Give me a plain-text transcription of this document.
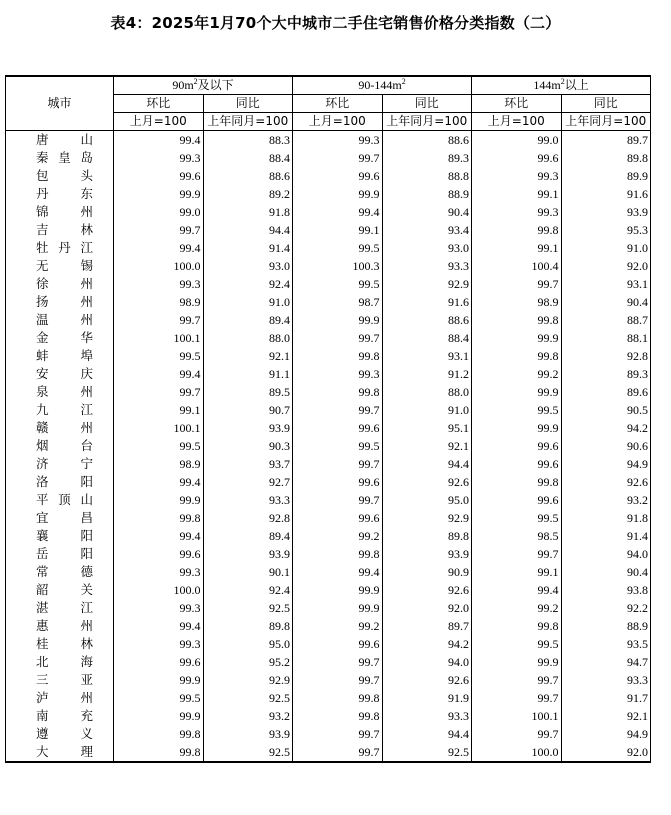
表4：2025年1月70个大中城市二手住宅销售价格分类指数（二）
城市	$90m^2$及以下		$90-144m^2$		$144m^2$以上	
	环比	同比	环比	同比	环比	同比
	上月=100	上年同月=100	上月=100	上年同月=100	上月=100	上年同月=100
唐山	99.4	88.3	99.3	88.6	99.0	89.7
秦皇岛	99.3	88.4	99.7	89.3	99.6	89.8
包头	99.6	88.6	99.6	88.8	99.3	89.9
丹东	99.9	89.2	99.9	88.9	99.1	91.6
锦州	99.0	91.8	99.4	90.4	99.3	93.9
吉林	99.7	94.4	99.1	93.4	99.8	95.3
牡丹江	99.4	91.4	99.5	93.0	99.1	91.0
无锡	100.0	93.0	100.3	93.3	100.4	92.0
徐州	99.3	92.4	99.5	92.9	99.7	93.1
扬州	98.9	91.0	98.7	91.6	98.9	90.4
温州	99.7	89.4	99.9	88.6	99.8	88.7
金华	100.1	88.0	99.7	88.4	99.9	88.1
蚌埠	99.5	92.1	99.8	93.1	99.8	92.8
安庆	99.4	91.1	99.3	91.2	99.2	89.3
泉州	99.7	89.5	99.8	88.0	99.9	89.6
九江	99.1	90.7	99.7	91.0	99.5	90.5
赣州	100.1	93.9	99.6	95.1	99.9	94.2
烟台	99.5	90.3	99.5	92.1	99.6	90.6
济宁	98.9	93.7	99.7	94.4	99.6	94.9
洛阳	99.4	92.7	99.6	92.6	99.8	92.6
平顶山	99.9	93.3	99.7	95.0	99.6	93.2
宜昌	99.8	92.8	99.6	92.9	99.5	91.8
襄阳	99.4	89.4	99.2	89.8	98.5	91.4
岳阳	99.6	93.9	99.8	93.9	99.7	94.0
常德	99.3	90.1	99.4	90.9	99.1	90.4
韶关	100.0	92.4	99.9	92.6	99.4	93.8
湛江	99.3	92.5	99.9	92.0	99.2	92.2
惠州	99.4	89.8	99.2	89.7	99.8	88.9
桂林	99.3	95.0	99.6	94.2	99.5	93.5
北海	99.6	95.2	99.7	94.0	99.9	94.7
三亚	99.9	92.9	99.7	92.6	99.7	93.3
泸州	99.5	92.5	99.8	91.9	99.7	91.7
南充	99.9	93.2	99.8	93.3	100.1	92.1
遵义	99.8	93.9	99.7	94.4	99.7	94.9
大理	99.8	92.5	99.7	92.5	100.0	92.0
